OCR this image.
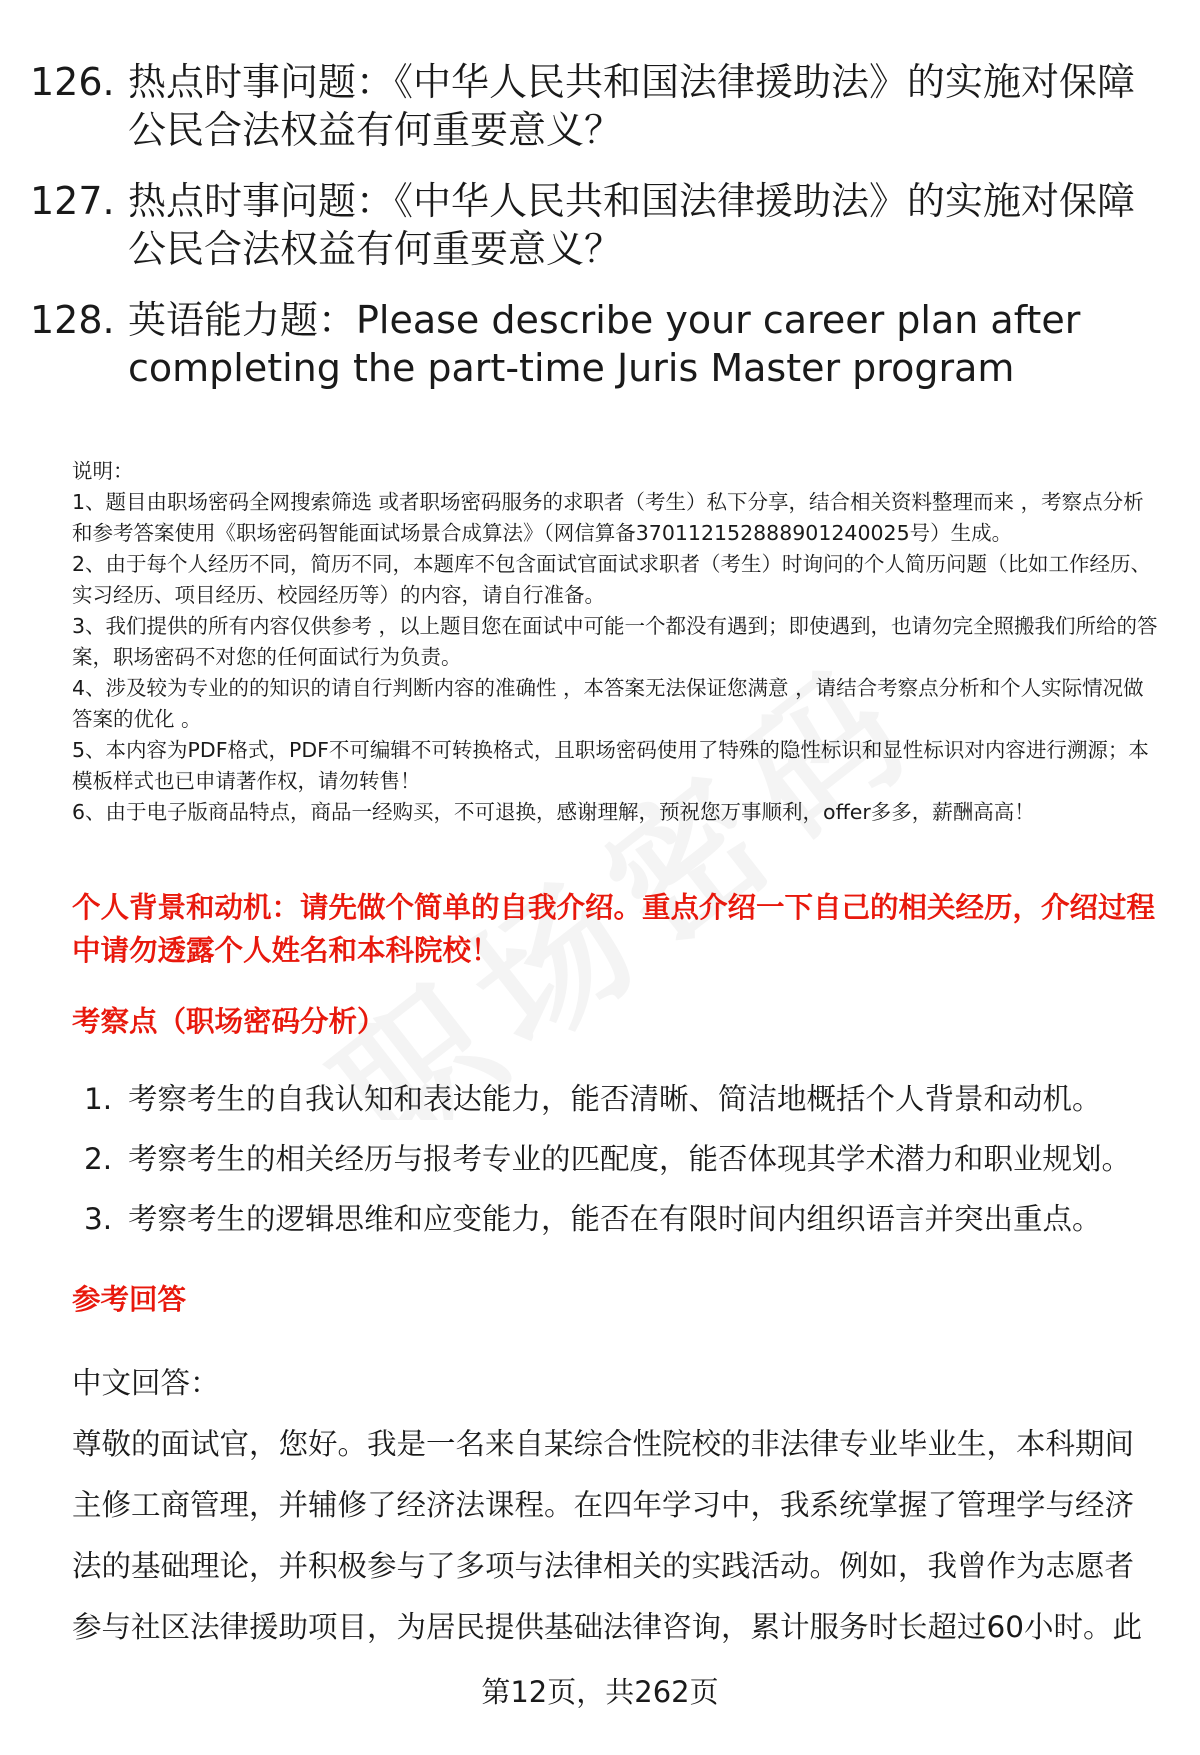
126. 热点时事问题：《中华人民共和国法律援助法》的实施对保障公民合法权益有何重要意义？
127. 热点时事问题：《中华人民共和国法律援助法》的实施对保障公民合法权益有何重要意义？
128. 英语能力题：Please describe your career plan after completing the part-time Juris Master program

说明：

1、题目由职场密码全网搜索筛选 或者职场密码服务的求职者（考生）私下分享，结合相关资料整理而来 ，考察点分析和参考答案使用《职场密码智能面试场景合成算法》（网信算备370112152888901240025号）生成。

2、由于每个人经历不同，简历不同，本题库不包含面试官面试求职者（考生）时询问的个人简历问题（比如工作经历、实习经历、项目经历、校园经历等）的内容，请自行准备。

3、我们提供的所有内容仅供参考 ，以上题目您在面试中可能一个都没有遇到；即使遇到，也请勿完全照搬我们所给的答案，职场密码不对您的任何面试行为负责。

4、涉及较为专业的的知识的请自行判断内容的准确性 ，本答案无法保证您满意 ，请结合考察点分析和个人实际情况做答案的优化 。

5、本内容为PDF格式，PDF不可编辑不可转换格式，且职场密码使用了特殊的隐性标识和显性标识对内容进行溯源；本模板样式也已申请著作权，请勿转售！

6、由于电子版商品特点，商品一经购买，不可退换，感谢理解，预祝您万事顺利，offer多多，薪酬高高！

个人背景和动机：请先做个简单的自我介绍。重点介绍一下自己的相关经历，介绍过程中请勿透露个人姓名和本科院校！
考察点（职场密码分析）
1. 考察考生的自我认知和表达能力，能否清晰、简洁地概括个人背景和动机。
2. 考察考生的相关经历与报考专业的匹配度，能否体现其学术潜力和职业规划。
3. 考察考生的逻辑思维和应变能力，能否在有限时间内组织语言并突出重点。
参考回答

中文回答：

尊敬的面试官，您好。我是一名来自某综合性院校的非法律专业毕业生，本科期间主修工商管理，并辅修了经济法课程。在四年学习中，我系统掌握了管理学与经济法的基础理论，并积极参与了多项与法律相关的实践活动。例如，我曾作为志愿者参与社区法律援助项目，为居民提供基础法律咨询，累计服务时长超过60小时。此

第12页，共262页
